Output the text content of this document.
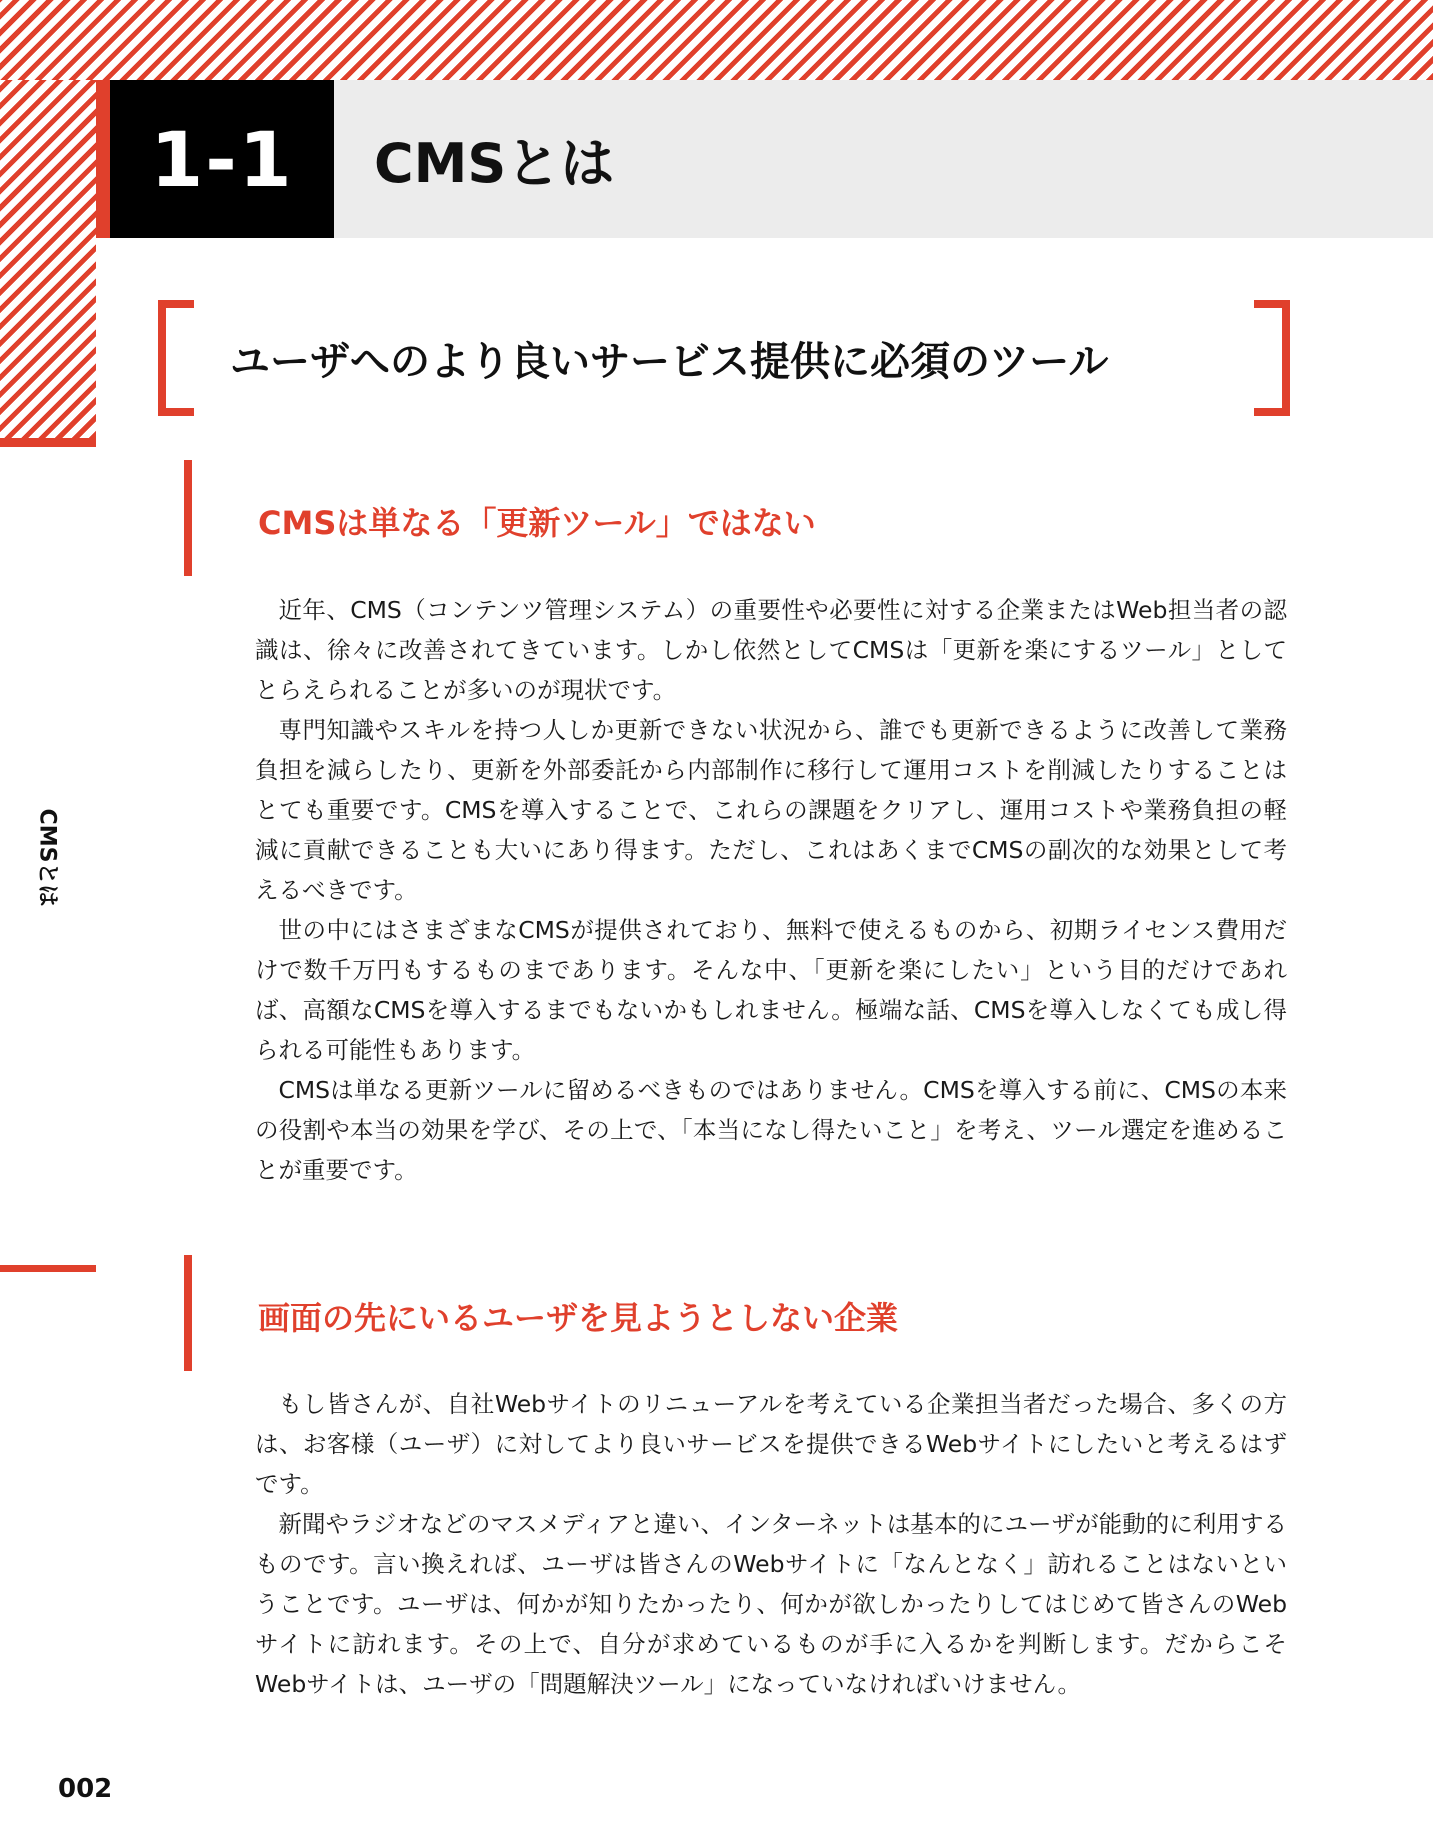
1-1 CMSとは
ユーザへのより良いサービス提供に必須のツール
CMSとは
CMSは単なる「更新ツール」ではない

近年、CMS（コンテンツ管理システム）の重要性や必要性に対する企業またはWeb担当者の認識は、徐々に改善されてきています。しかし依然としてCMSは「更新を楽にするツール」としてとらえられることが多いのが現状です。

専門知識やスキルを持つ人しか更新できない状況から、誰でも更新できるように改善して業務負担を減らしたり、更新を外部委託から内部制作に移行して運用コストを削減したりすることはとても重要です。CMSを導入することで、これらの課題をクリアし、運用コストや業務負担の軽減に貢献できることも大いにあり得ます。ただし、これはあくまでCMSの副次的な効果として考えるべきです。

世の中にはさまざまなCMSが提供されており、無料で使えるものから、初期ライセンス費用だけで数千万円もするものまであります。そんな中、「更新を楽にしたい」という目的だけであれば、高額なCMSを導入するまでもないかもしれません。極端な話、CMSを導入しなくても成し得られる可能性もあります。

CMSは単なる更新ツールに留めるべきものではありません。CMSを導入する前に、CMSの本来の役割や本当の効果を学び、その上で、「本当になし得たいこと」を考え、ツール選定を進めることが重要です。

画面の先にいるユーザを見ようとしない企業

もし皆さんが、自社Webサイトのリニューアルを考えている企業担当者だった場合、多くの方は、お客様（ユーザ）に対してより良いサービスを提供できるWebサイトにしたいと考えるはずです。

新聞やラジオなどのマスメディアと違い、インターネットは基本的にユーザが能動的に利用するものです。言い換えれば、ユーザは皆さんのWebサイトに「なんとなく」訪れることはないということです。ユーザは、何かが知りたかったり、何かが欲しかったりしてはじめて皆さんのWebサイトに訪れます。その上で、自分が求めているものが手に入るかを判断します。だからこそWebサイトは、ユーザの「問題解決ツール」になっていなければいけません。

002
